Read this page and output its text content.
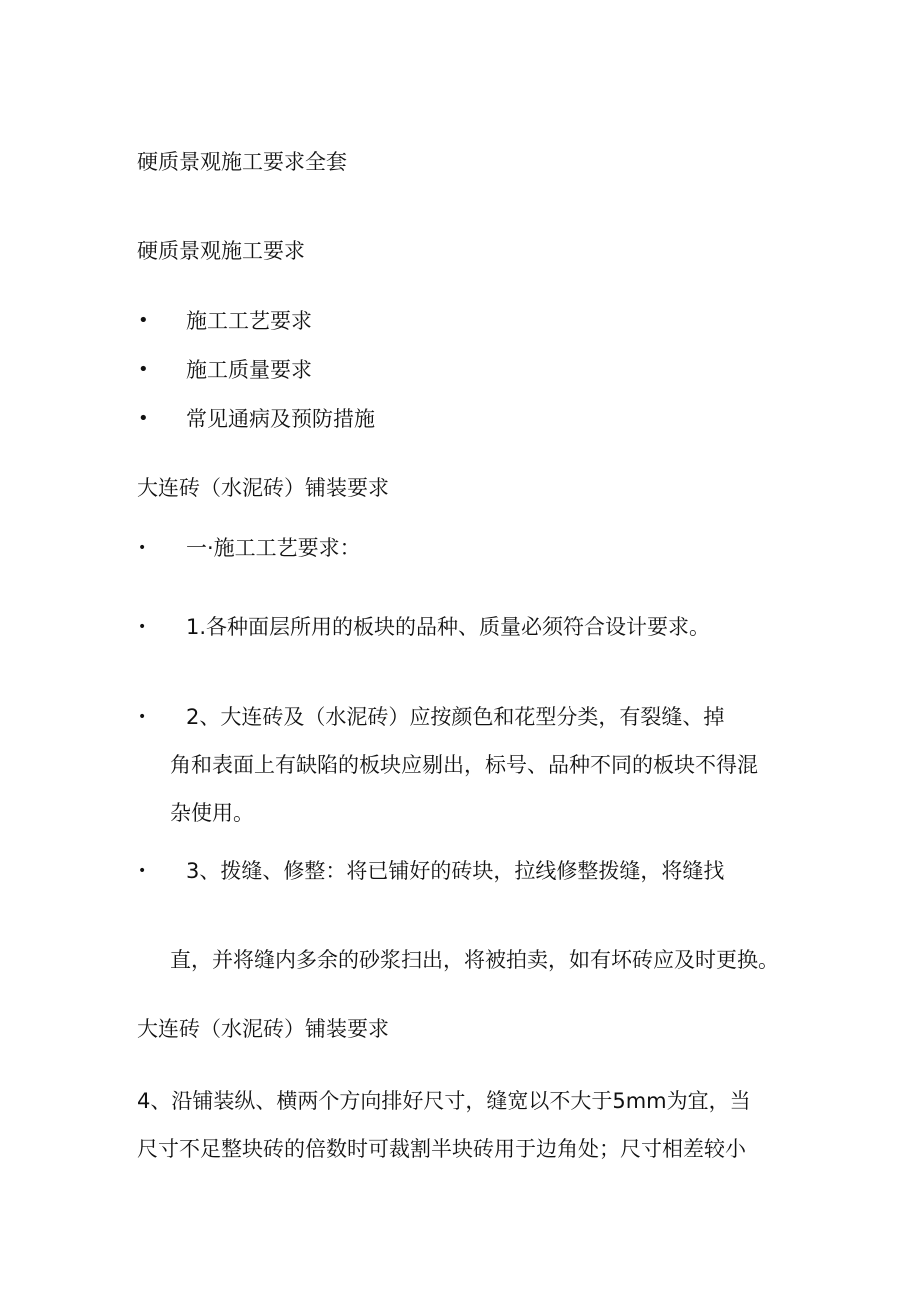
硬质景观施工要求全套
硬质景观施工要求
• 施工工艺要求
• 施工质量要求
• 常见通病及预防措施
大连砖（水泥砖）铺装要求
• 一·施工工艺要求：
• 1.各种面层所用的板块的品种、质量必须符合设计要求。
• 2、大连砖及（水泥砖）应按颜色和花型分类，有裂缝、掉
角和表面上有缺陷的板块应剔出，标号、品种不同的板块不得混
杂使用。
• 3、拨缝、修整：将已铺好的砖块，拉线修整拨缝，将缝找
直，并将缝内多余的砂浆扫出，将被拍卖，如有坏砖应及时更换。
大连砖（水泥砖）铺装要求
4、沿铺装纵、横两个方向排好尺寸，缝宽以不大于5mm为宜，当
尺寸不足整块砖的倍数时可裁割半块砖用于边角处；尺寸相差较小
